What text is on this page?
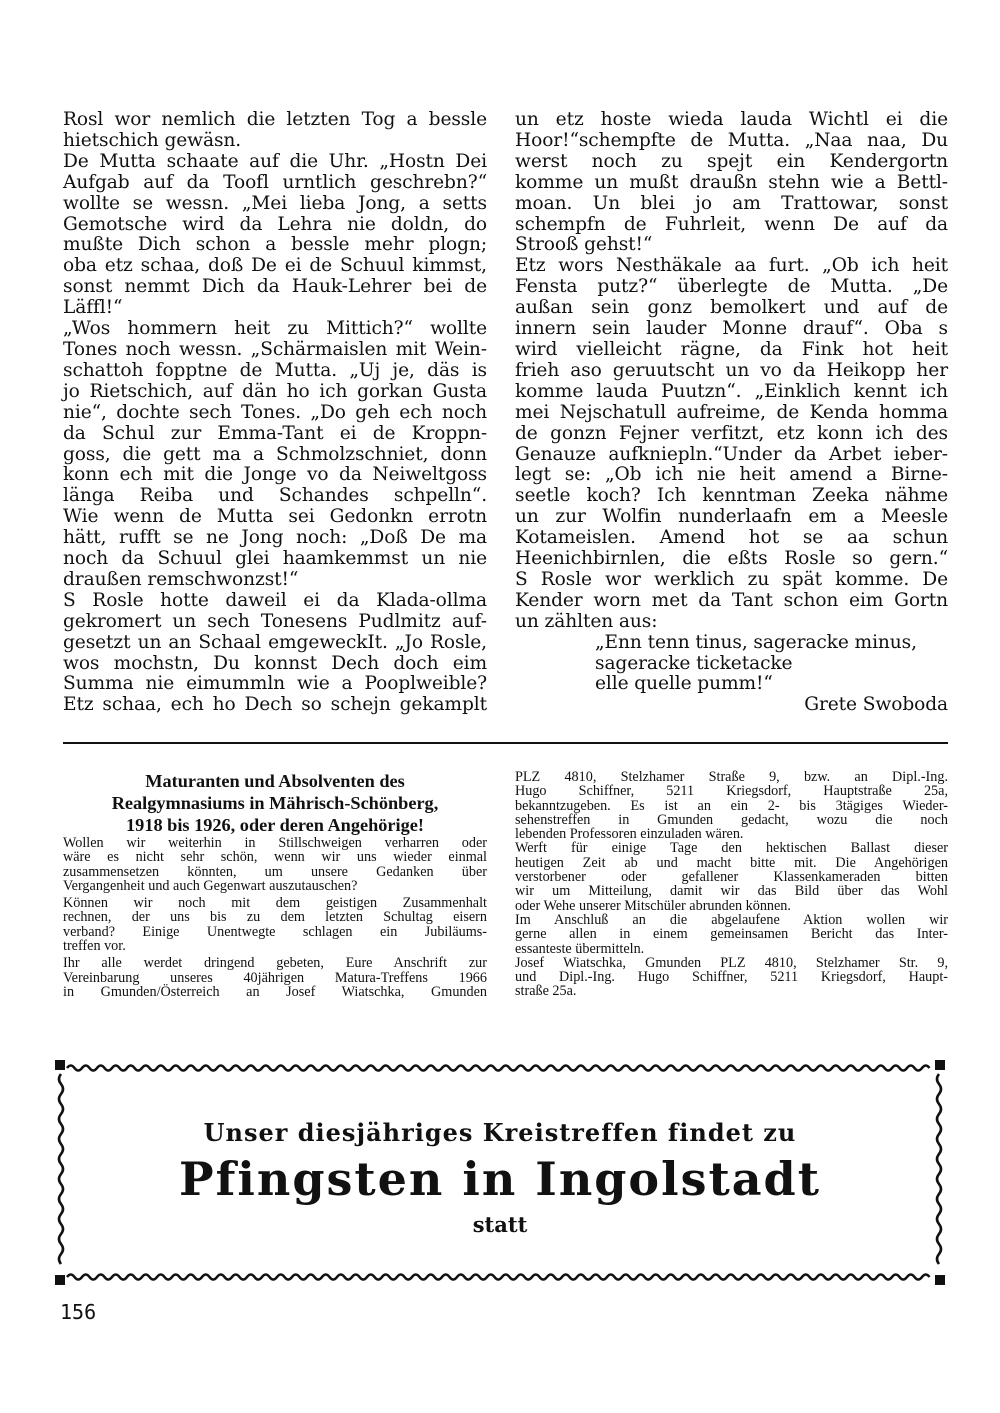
Rosl wor nemlich die letzten Tog a bessle
hietschich gewäsn.
De Mutta schaate auf die Uhr. „Hostn Dei
Aufgab auf da Toofl urntlich geschrebn?“
wollte se wessn. „Mei lieba Jong, a setts
Gemotsche wird da Lehra nie doldn, do
mußte Dich schon a bessle mehr plogn;
oba etz schaa, doß De ei de Schuul kimmst,
sonst nemmt Dich da Hauk-Lehrer bei de
Läffl!“
„Wos hommern heit zu Mittich?“ wollte
Tones noch wessn. „Schärmaislen mit Wein-
schattoh fopptne de Mutta. „Uj je, däs is
jo Rietschich, auf dän ho ich gorkan Gusta
nie“, dochte sech Tones. „Do geh ech noch
da Schul zur Emma-Tant ei de Kroppn-
goss, die gett ma a Schmolzschniet, donn
konn ech mit die Jonge vo da Neiweltgoss
länga Reiba und Schandes schpelln“.
Wie wenn de Mutta sei Gedonkn errotn
hätt, rufft se ne Jong noch: „Doß De ma
noch da Schuul glei haamkemmst un nie
draußen remschwonzst!“
S Rosle hotte daweil ei da Klada-ollma
gekromert un sech Tonesens Pudlmitz auf-
gesetzt un an Schaal emgeweckIt. „Jo Rosle,
wos mochstn, Du konnst Dech doch eim
Summa nie eimummln wie a Pooplweible?
Etz schaa, ech ho Dech so schejn gekamplt
un etz hoste wieda lauda Wichtl ei die
Hoor!“schempfte de Mutta. „Naa naa, Du
werst noch zu spejt ein Kendergortn
komme un mußt draußn stehn wie a Bettl-
moan. Un blei jo am Trattowar, sonst
schempfn de Fuhrleit, wenn De auf da
Strooß gehst!“
Etz wors Nesthäkale aa furt. „Ob ich heit
Fensta putz?“ überlegte de Mutta. „De
außan sein gonz bemolkert und auf de
innern sein lauder Monne drauf“. Oba s
wird vielleicht rägne, da Fink hot heit
frieh aso geruutscht un vo da Heikopp her
komme lauda Puutzn“. „Einklich kennt ich
mei Nejschatull aufreime, de Kenda homma
de gonzn Fejner verfitzt, etz konn ich des
Genauze aufkniepln.“Under da Arbet ieber-
legt se: „Ob ich nie heit amend a Birne-
seetle koch? Ich kenntman Zeeka nähme
un zur Wolfin nunderlaafn em a Meesle
Kotameislen. Amend hot se aa schun
Heenichbirnlen, die eßts Rosle so gern.“
S Rosle wor werklich zu spät komme. De
Kender worn met da Tant schon eim Gortn
un zählten aus:
„Enn tenn tinus, sageracke minus,
sageracke ticketacke
elle quelle pumm!“
Grete Swoboda
Maturanten und Absolventen des
Realgymnasiums in Mährisch-Schönberg,
1918 bis 1926, oder deren Angehörige!
Wollen wir weiterhin in Stillschweigen verharren oder
wäre es nicht sehr schön, wenn wir uns wieder einmal
zusammensetzen könnten, um unsere Gedanken über
Vergangenheit und auch Gegenwart auszutauschen?
Können wir noch mit dem geistigen Zusammenhalt
rechnen, der uns bis zu dem letzten Schultag eisern
verband? Einige Unentwegte schlagen ein Jubiläums-
treffen vor.
Ihr alle werdet dringend gebeten, Eure Anschrift zur
Vereinbarung unseres 40jährigen Matura-Treffens 1966
in Gmunden/Österreich an Josef Wiatschka, Gmunden
PLZ 4810, Stelzhamer Straße 9, bzw. an Dipl.-Ing.
Hugo Schiffner, 5211 Kriegsdorf, Hauptstraße 25a,
bekanntzugeben. Es ist an ein 2- bis 3tägiges Wieder-
sehenstreffen in Gmunden gedacht, wozu die noch
lebenden Professoren einzuladen wären.
Werft für einige Tage den hektischen Ballast dieser
heutigen Zeit ab und macht bitte mit. Die Angehörigen
verstorbener oder gefallener Klassenkameraden bitten
wir um Mitteilung, damit wir das Bild über das Wohl
oder Wehe unserer Mitschüler abrunden können.
Im Anschluß an die abgelaufene Aktion wollen wir
gerne allen in einem gemeinsamen Bericht das Inter-
essanteste übermitteln.
Josef Wiatschka, Gmunden PLZ 4810, Stelzhamer Str. 9,
und Dipl.-Ing. Hugo Schiffner, 5211 Kriegsdorf, Haupt-
straße 25a.
Unser diesjähriges Kreistreffen findet zu
Pfingsten in Ingolstadt
statt
156
